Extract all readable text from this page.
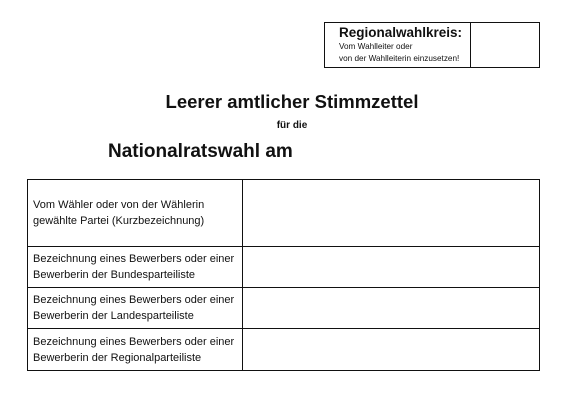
Regionalwahlkreis:
Vom Wahlleiter oder
von der Wahlleiterin einzusetzen!
Leerer amtlicher Stimmzettel
für die
Nationalratswahl am
Vom Wähler oder von der Wählerin gewählte Partei (Kurzbezeichnung)
Bezeichnung eines Bewerbers oder einer Bewerberin der Bundesparteiliste
Bezeichnung eines Bewerbers oder einer Bewerberin der Landesparteiliste
Bezeichnung eines Bewerbers oder einer Bewerberin der Regionalparteiliste
